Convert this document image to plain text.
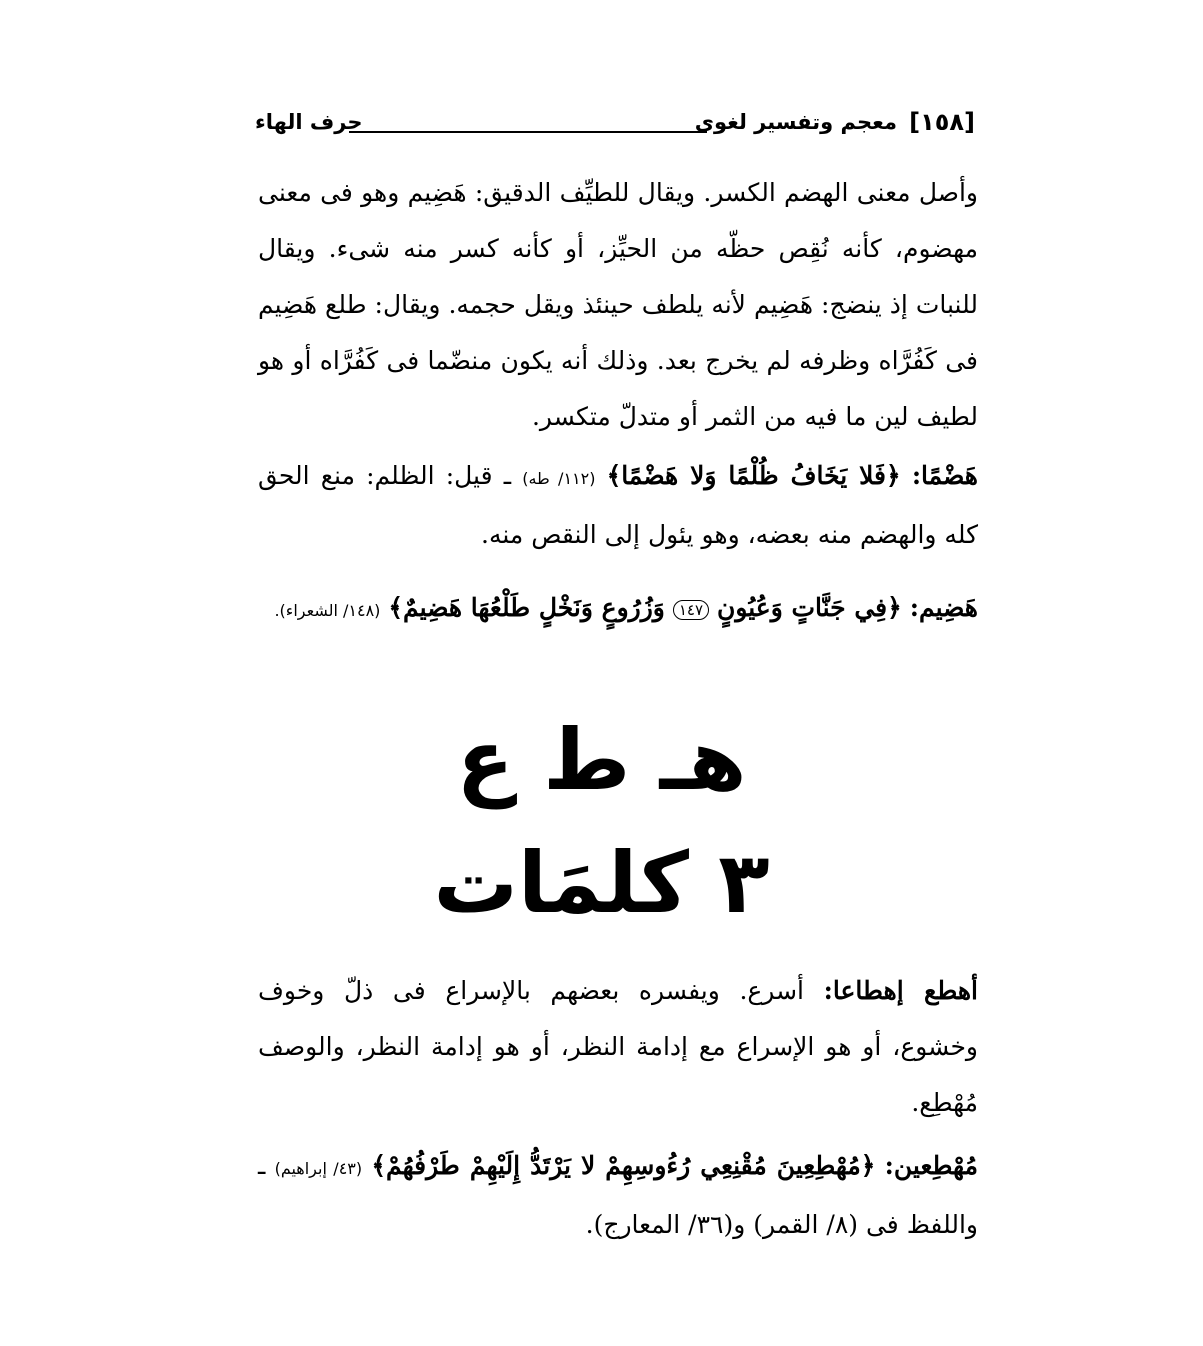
[١٥٨]
معجم وتفسير لغوى
حرف الهاء
وأصل معنى الهضم الكسر. ويقال للطيِّف الدقيق: هَضِيم وهو فى معنى مهضوم، كأنه نُقِص حظّه من الحيِّز، أو كأنه كسر منه شىء. ويقال للنبات إذ ينضج: هَضِيم لأنه يلطف حينئذ ويقل حجمه. ويقال: طلع هَضِيم فى كَفُرَّاه وظرفه لم يخرج بعد. وذلك أنه يكون منضّما فى كَفُرَّاه أو هو لطيف لين ما فيه من الثمر أو متدلّ متكسر.
هَضْمًا: ﴿فَلا يَخَافُ ظُلْمًا وَلا هَضْمًا﴾ (١١٢/ طه) ـ قيل: الظلم: منع الحق كله والهضم منه بعضه، وهو يئول إلى النقص منه.
هَضِيم: ﴿فِي جَنَّاتٍ وَعُيُونٍ ١٤٧ وَزُرُوعٍ وَنَخْلٍ طَلْعُهَا هَضِيمٌ﴾ (١٤٨/ الشعراء).
هـ ط ع
٣ كلمَات
أهطع إهطاعا: أسرع. ويفسره بعضهم بالإسراع فى ذلّ وخوف وخشوع، أو هو الإسراع مع إدامة النظر، أو هو إدامة النظر، والوصف مُهْطِع.
مُهْطِعين: ﴿مُهْطِعِينَ مُقْنِعِي رُءُوسِهِمْ لا يَرْتَدُّ إِلَيْهِمْ طَرْفُهُمْ﴾ (٤٣/ إبراهيم) ـ واللفظ فى (٨/ القمر) و(٣٦/ المعارج).
